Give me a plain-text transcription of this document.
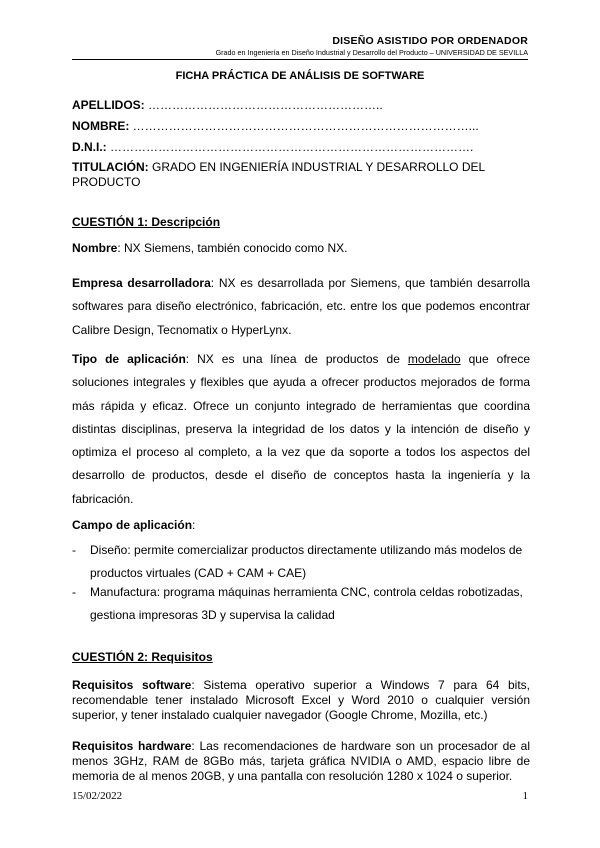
DISEÑO ASISTIDO POR ORDENADOR
Grado en Ingeniería en Diseño Industrial y Desarrollo del Producto – UNIVERSIDAD DE SEVILLA
FICHA PRÁCTICA DE ANÁLISIS DE SOFTWARE
APELLIDOS: …………………………………………………..
NOMBRE: …………………………………………………………………………...
D.N.I.: ……………………………………………………………………………….
TITULACIÓN: GRADO EN INGENIERÍA INDUSTRIAL Y DESARROLLO DEL PRODUCTO
CUESTIÓN 1: Descripción
Nombre: NX Siemens, también conocido como NX.
Empresa desarrolladora: NX es desarrollada por Siemens, que también desarrolla softwares para diseño electrónico, fabricación, etc. entre los que podemos encontrar Calibre Design, Tecnomatix o HyperLynx.
Tipo de aplicación: NX es una línea de productos de modelado que ofrece soluciones integrales y flexibles que ayuda a ofrecer productos mejorados de forma más rápida y eficaz. Ofrece un conjunto integrado de herramientas que coordina distintas disciplinas, preserva la integridad de los datos y la intención de diseño y optimiza el proceso al completo, a la vez que da soporte a todos los aspectos del desarrollo de productos, desde el diseño de conceptos hasta la ingeniería y la fabricación.
Campo de aplicación:
- Diseño: permite comercializar productos directamente utilizando más modelos de productos virtuales (CAD + CAM + CAE)
- Manufactura: programa máquinas herramienta CNC, controla celdas robotizadas, gestiona impresoras 3D y supervisa la calidad
CUESTIÓN 2: Requisitos
Requisitos software: Sistema operativo superior a Windows 7 para 64 bits, recomendable tener instalado Microsoft Excel y Word 2010 o cualquier versión superior, y tener instalado cualquier navegador (Google Chrome, Mozilla, etc.)
Requisitos hardware: Las recomendaciones de hardware son un procesador de al menos 3GHz, RAM de 8GBo más, tarjeta gráfica NVIDIA o AMD, espacio libre de memoria de al menos 20GB, y una pantalla con resolución 1280 x 1024 o superior.
15/02/2022	1
